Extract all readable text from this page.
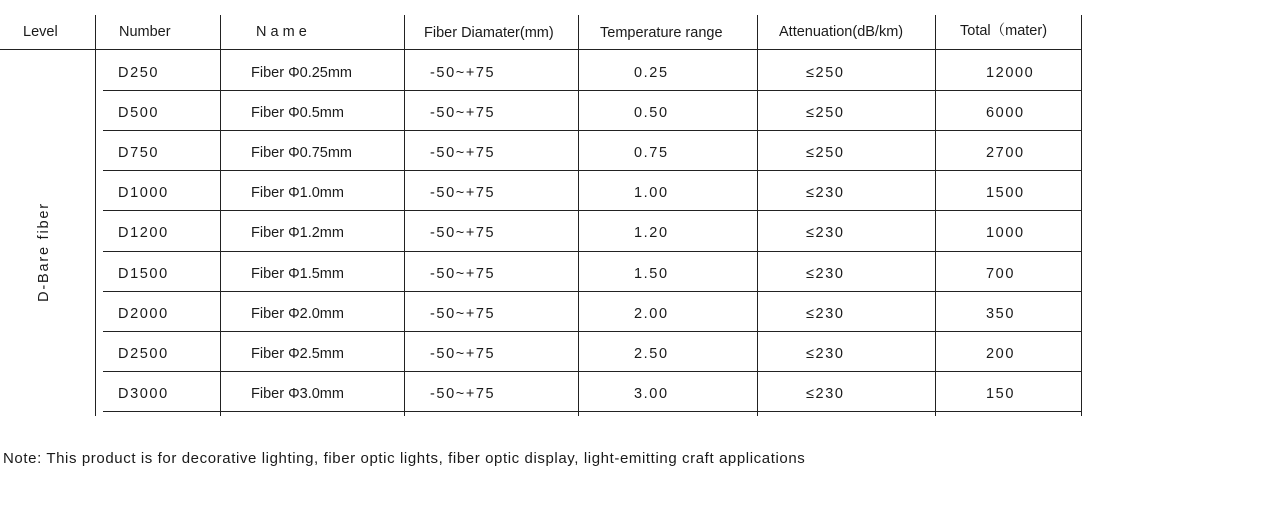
Level	Number	N a m e	Fiber Diamater(mm)	Temperature range	Attenuation(dB/km)	Total（mater)
D-Bare fiber
D250	Fiber Φ0.25mm	-50~+75	0.25	≤250	12000
D500	Fiber Φ0.5mm	-50~+75	0.50	≤250	6000
D750	Fiber Φ0.75mm	-50~+75	0.75	≤250	2700
D1000	Fiber Φ1.0mm	-50~+75	1.00	≤230	1500
D1200	Fiber Φ1.2mm	-50~+75	1.20	≤230	1000
D1500	Fiber Φ1.5mm	-50~+75	1.50	≤230	700
D2000	Fiber Φ2.0mm	-50~+75	2.00	≤230	350
D2500	Fiber Φ2.5mm	-50~+75	2.50	≤230	200
D3000	Fiber Φ3.0mm	-50~+75	3.00	≤230	150
Note: This product is for decorative lighting, fiber optic lights, fiber optic display, light-emitting craft applications
